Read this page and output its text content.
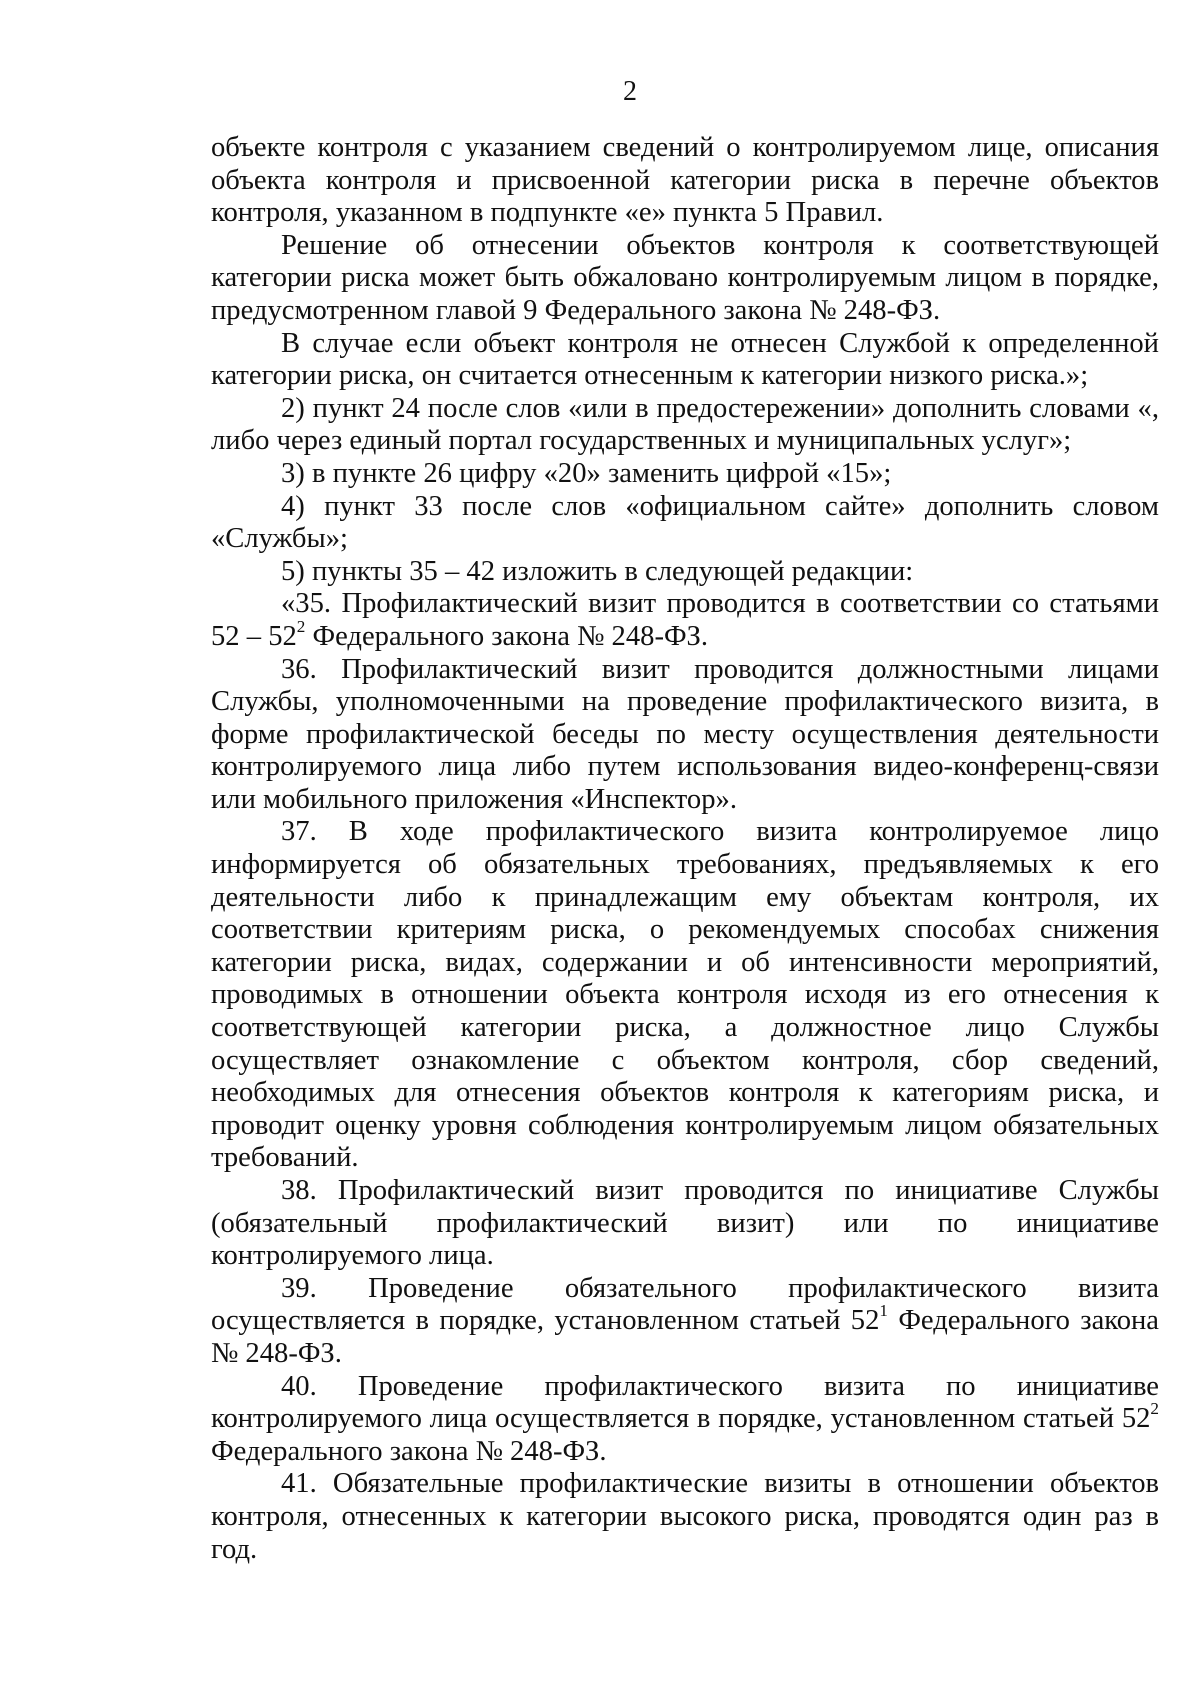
2

объекте контроля с указанием сведений о контролируемом лице, описания объекта контроля и присвоенной категории риска в перечне объектов контроля, указанном в подпункте «е» пункта 5 Правил.

Решение об отнесении объектов контроля к соответствующей категории риска может быть обжаловано контролируемым лицом в порядке, предусмотренном главой 9 Федерального закона № 248-ФЗ.

В случае если объект контроля не отнесен Службой к определенной категории риска, он считается отнесенным к категории низкого риска.»;

2) пункт 24 после слов «или в предостережении» дополнить словами «, либо через единый портал государственных и муниципальных услуг»;

3) в пункте 26 цифру «20» заменить цифрой «15»;

4) пункт 33 после слов «официальном сайте» дополнить словом «Службы»;

5) пункты 35 – 42 изложить в следующей редакции:

«35. Профилактический визит проводится в соответствии со статьями $52 - 52^2$ Федерального закона № 248-ФЗ.

36. Профилактический визит проводится должностными лицами Службы, уполномоченными на проведение профилактического визита, в форме профилактической беседы по месту осуществления деятельности контролируемого лица либо путем использования видео-конференц-связи или мобильного приложения «Инспектор».

37. В ходе профилактического визита контролируемое лицо информируется об обязательных требованиях, предъявляемых к его деятельности либо к принадлежащим ему объектам контроля, их соответствии критериям риска, о рекомендуемых способах снижения категории риска, видах, содержании и об интенсивности мероприятий, проводимых в отношении объекта контроля исходя из его отнесения к соответствующей категории риска, а должностное лицо Службы осуществляет ознакомление с объектом контроля, сбор сведений, необходимых для отнесения объектов контроля к категориям риска, и проводит оценку уровня соблюдения контролируемым лицом обязательных требований.

38. Профилактический визит проводится по инициативе Службы (обязательный профилактический визит) или по инициативе контролируемого лица.

39. Проведение обязательного профилактического визита осуществляется в порядке, установленном статьей $52^1$ Федерального закона № 248-ФЗ.

40. Проведение профилактического визита по инициативе контролируемого лица осуществляется в порядке, установленном статьей $52^2$ Федерального закона № 248-ФЗ.

41. Обязательные профилактические визиты в отношении объектов контроля, отнесенных к категории высокого риска, проводятся один раз в год.
